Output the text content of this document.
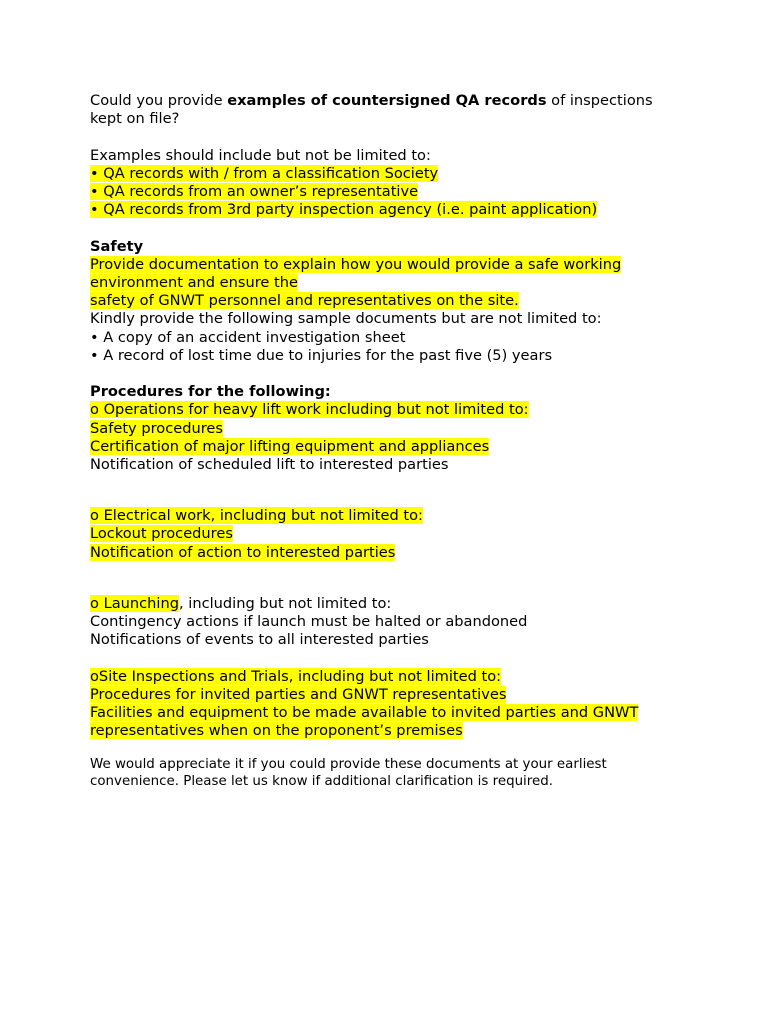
Could you provide examples of countersigned QA records of inspections
kept on file?

Examples should include but not be limited to:
• QA records with / from a classification Society
• QA records from an owner’s representative
• QA records from 3rd party inspection agency (i.e. paint application)

Safety
Provide documentation to explain how you would provide a safe working
environment and ensure the
safety of GNWT personnel and representatives on the site.
Kindly provide the following sample documents but are not limited to:
• A copy of an accident investigation sheet
• A record of lost time due to injuries for the past five (5) years

Procedures for the following:
o Operations for heavy lift work including but not limited to:
Safety procedures
Certification of major lifting equipment and appliances
Notification of scheduled lift to interested parties

o Electrical work, including but not limited to:
Lockout procedures
Notification of action to interested parties

o Launching, including but not limited to:
Contingency actions if launch must be halted or abandoned
Notifications of events to all interested parties

oSite Inspections and Trials, including but not limited to:
Procedures for invited parties and GNWT representatives
Facilities and equipment to be made available to invited parties and GNWT
representatives when on the proponent’s premises

We would appreciate it if you could provide these documents at your earliest
convenience. Please let us know if additional clarification is required.
